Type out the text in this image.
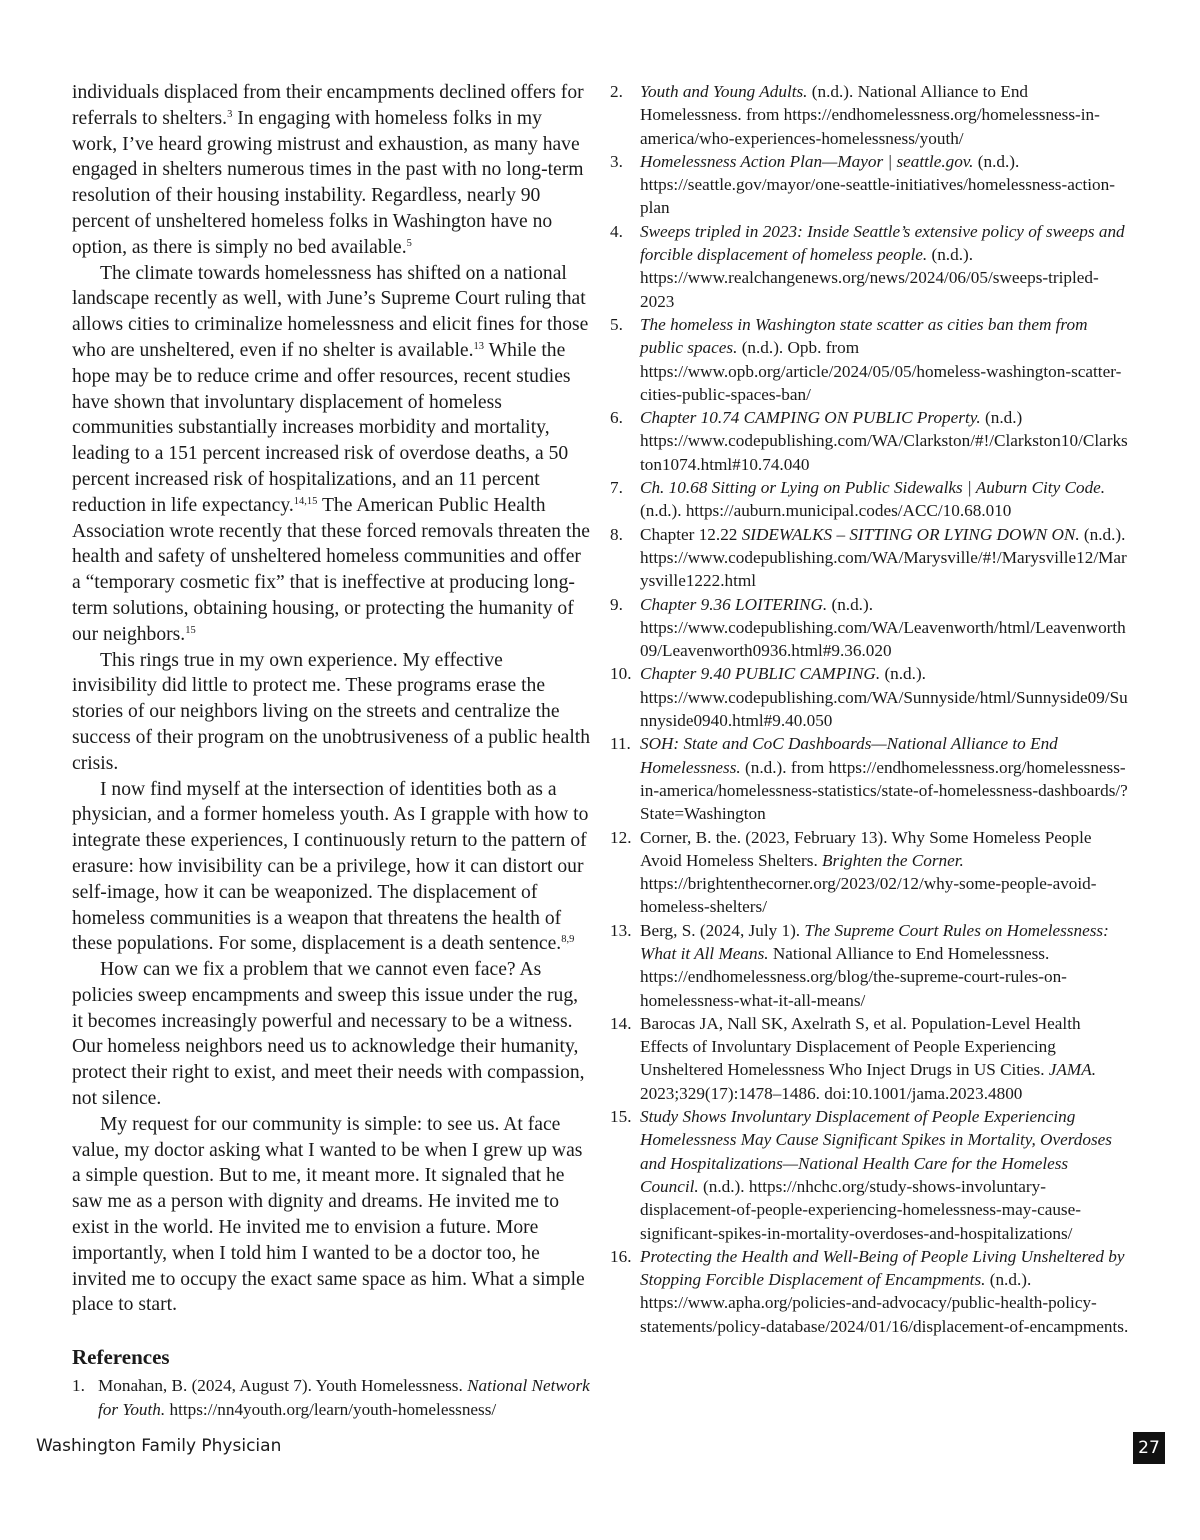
individuals displaced from their encampments declined offers for referrals to shelters.$^3$ In engaging with homeless folks in my work, I’ve heard growing mistrust and exhaustion, as many have engaged in shelters numerous times in the past with no long-term resolution of their housing instability. Regardless, nearly 90 percent of unsheltered homeless folks in Washington have no option, as there is simply no bed available.$^5$

The climate towards homelessness has shifted on a national landscape recently as well, with June’s Supreme Court ruling that allows cities to criminalize homelessness and elicit fines for those who are unsheltered, even if no shelter is available.$^{13}$ While the hope may be to reduce crime and offer resources, recent studies have shown that involuntary displacement of homeless communities substantially increases morbidity and mortality, leading to a 151 percent increased risk of overdose deaths, a 50 percent increased risk of hospitalizations, and an 11 percent reduction in life expectancy.$^{14,15}$ The American Public Health Association wrote recently that these forced removals threaten the health and safety of unsheltered homeless communities and offer a “temporary cosmetic fix” that is ineffective at producing long-term solutions, obtaining housing, or protecting the humanity of our neighbors.$^{15}$

This rings true in my own experience. My effective invisibility did little to protect me. These programs erase the stories of our neighbors living on the streets and centralize the success of their program on the unobtrusiveness of a public health crisis.

I now find myself at the intersection of identities both as a physician, and a former homeless youth. As I grapple with how to integrate these experiences, I continuously return to the pattern of erasure: how invisibility can be a privilege, how it can distort our self-image, how it can be weaponized. The displacement of homeless communities is a weapon that threatens the health of these populations. For some, displacement is a death sentence.$^{8,9}$

How can we fix a problem that we cannot even face? As policies sweep encampments and sweep this issue under the rug, it becomes increasingly powerful and necessary to be a witness. Our homeless neighbors need us to acknowledge their humanity, protect their right to exist, and meet their needs with compassion, not silence.

My request for our community is simple: to see us. At face value, my doctor asking what I wanted to be when I grew up was a simple question. But to me, it meant more. It signaled that he saw me as a person with dignity and dreams. He invited me to exist in the world. He invited me to envision a future. More importantly, when I told him I wanted to be a doctor too, he invited me to occupy the exact same space as him. What a simple place to start.

References
1. Monahan, B. (2024, August 7). Youth Homelessness. National Network for Youth. https://nn4youth.org/learn/youth-homelessness/
2. Youth and Young Adults. (n.d.). National Alliance to End Homelessness. from https://endhomelessness.org/homelessness-in-america/who-experiences-homelessness/youth/
3. Homelessness Action Plan—Mayor | seattle.gov. (n.d.). https://seattle.gov/mayor/one-seattle-initiatives/homelessness-action-plan
4. Sweeps tripled in 2023: Inside Seattle’s extensive policy of sweeps and forcible displacement of homeless people. (n.d.). https://www.realchangenews.org/news/2024/06/05/sweeps-tripled-2023
5. The homeless in Washington state scatter as cities ban them from public spaces. (n.d.). Opb. from https://www.opb.org/article/2024/05/05/homeless-washington-scatter-cities-public-spaces-ban/
6. Chapter 10.74 CAMPING ON PUBLIC Property. (n.d.) https://www.codepublishing.com/WA/Clarkston/#!/Clarkston10/Clarkston1074.html#10.74.040
7. Ch. 10.68 Sitting or Lying on Public Sidewalks | Auburn City Code. (n.d.). https://auburn.municipal.codes/ACC/10.68.010
8. Chapter 12.22 SIDEWALKS – SITTING OR LYING DOWN ON. (n.d.). https://www.codepublishing.com/WA/Marysville/#!/Marysville12/Marysville1222.html
9. Chapter 9.36 LOITERING. (n.d.). https://www.codepublishing.com/WA/Leavenworth/html/Leavenworth09/Leavenworth0936.html#9.36.020
10. Chapter 9.40 PUBLIC CAMPING. (n.d.). https://www.codepublishing.com/WA/Sunnyside/html/Sunnyside09/Sunnyside0940.html#9.40.050
11. SOH: State and CoC Dashboards—National Alliance to End Homelessness. (n.d.). from https://endhomelessness.org/homelessness-in-america/homelessness-statistics/state-of-homelessness-dashboards/?State=Washington
12. Corner, B. the. (2023, February 13). Why Some Homeless People Avoid Homeless Shelters. Brighten the Corner. https://brightenthecorner.org/2023/02/12/why-some-people-avoid-homeless-shelters/
13. Berg, S. (2024, July 1). The Supreme Court Rules on Homelessness: What it All Means. National Alliance to End Homelessness. https://endhomelessness.org/blog/the-supreme-court-rules-on-homelessness-what-it-all-means/
14. Barocas JA, Nall SK, Axelrath S, et al. Population-Level Health Effects of Involuntary Displacement of People Experiencing Unsheltered Homelessness Who Inject Drugs in US Cities. JAMA. 2023;329(17):1478–1486. doi:10.1001/jama.2023.4800
15. Study Shows Involuntary Displacement of People Experiencing Homelessness May Cause Significant Spikes in Mortality, Overdoses and Hospitalizations—National Health Care for the Homeless Council. (n.d.). https://nhchc.org/study-shows-involuntary-displacement-of-people-experiencing-homelessness-may-cause-significant-spikes-in-mortality-overdoses-and-hospitalizations/
16. Protecting the Health and Well-Being of People Living Unsheltered by Stopping Forcible Displacement of Encampments. (n.d.). https://www.apha.org/policies-and-advocacy/public-health-policy-statements/policy-database/2024/01/16/displacement-of-encampments.
Washington Family Physician	27
